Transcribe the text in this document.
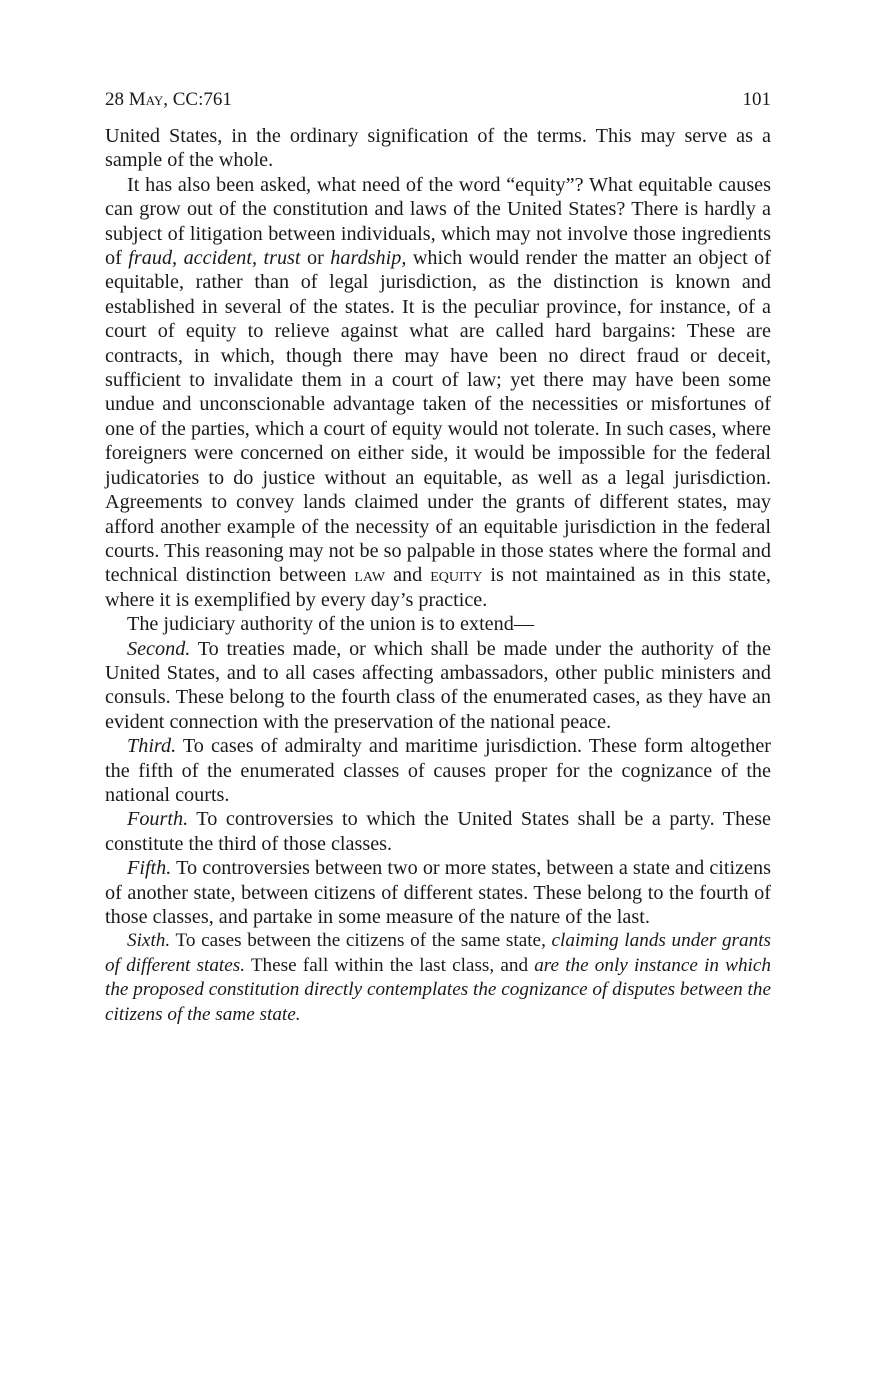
28 May, CC:761	101

United States, in the ordinary signification of the terms. This may serve as a sample of the whole.

It has also been asked, what need of the word “equity”? What equitable causes can grow out of the constitution and laws of the United States? There is hardly a subject of litigation between individuals, which may not involve those ingredients of fraud, accident, trust or hardship, which would render the matter an object of equitable, rather than of legal jurisdiction, as the distinction is known and established in several of the states. It is the peculiar province, for instance, of a court of equity to relieve against what are called hard bargains: These are contracts, in which, though there may have been no direct fraud or deceit, sufficient to invalidate them in a court of law; yet there may have been some undue and unconscionable advantage taken of the necessities or misfortunes of one of the parties, which a court of equity would not tolerate. In such cases, where foreigners were concerned on either side, it would be impossible for the federal judicatories to do justice without an equitable, as well as a legal jurisdiction. Agreements to convey lands claimed under the grants of different states, may afford another example of the necessity of an equitable jurisdiction in the federal courts. This reasoning may not be so palpable in those states where the formal and technical distinction between law and equity is not maintained as in this state, where it is exemplified by every day’s practice.

The judiciary authority of the union is to extend—

Second. To treaties made, or which shall be made under the authority of the United States, and to all cases affecting ambassadors, other public ministers and consuls. These belong to the fourth class of the enumerated cases, as they have an evident connection with the preservation of the national peace.

Third. To cases of admiralty and maritime jurisdiction. These form altogether the fifth of the enumerated classes of causes proper for the cognizance of the national courts.

Fourth. To controversies to which the United States shall be a party. These constitute the third of those classes.

Fifth. To controversies between two or more states, between a state and citizens of another state, between citizens of different states. These belong to the fourth of those classes, and partake in some measure of the nature of the last.

Sixth. To cases between the citizens of the same state, claiming lands under grants of different states. These fall within the last class, and are the only instance in which the proposed constitution directly contemplates the cognizance of disputes between the citizens of the same state.
